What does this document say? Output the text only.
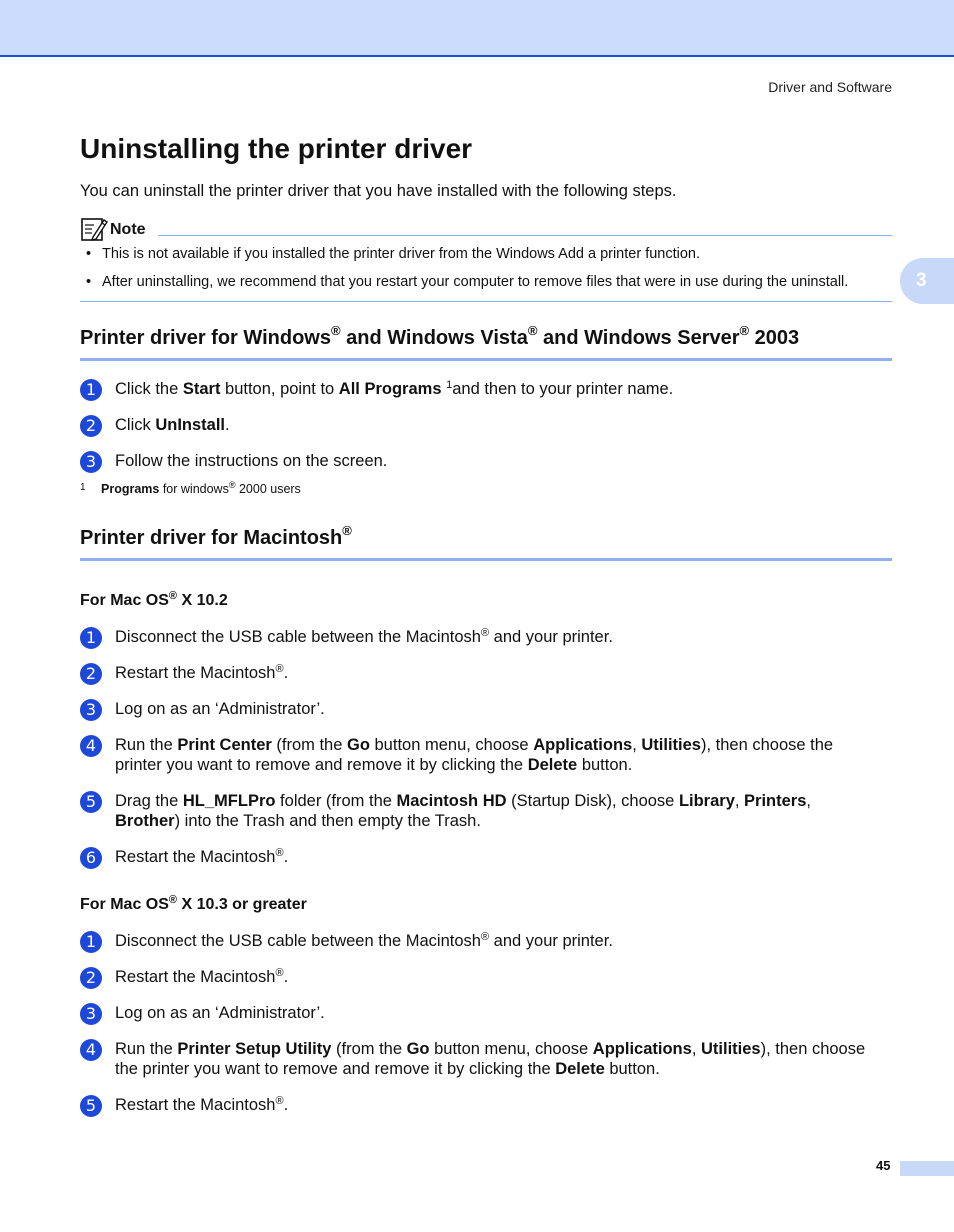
Driver and Software
3
Uninstalling the printer driver

You can uninstall the printer driver that you have installed with the following steps.

Note
• This is not available if you installed the printer driver from the Windows Add a printer function.
• After uninstalling, we recommend that you restart your computer to remove files that were in use during the uninstall.
Printer driver for Windows® and Windows Vista® and Windows Server® 2003
1	Click the Start button, point to All Programs $^1$and then to your printer name.
2	Click UnInstall.
3	Follow the instructions on the screen.
1 Programs for windows® 2000 users
Printer driver for Macintosh®
For Mac OS® X 10.2
1	Disconnect the USB cable between the Macintosh® and your printer.
2	Restart the Macintosh®.
3	Log on as an ‘Administrator’.
4	Run the Print Center (from the Go button menu, choose Applications, Utilities), then choose the
printer you want to remove and remove it by clicking the Delete button.
5	Drag the HL_MFLPro folder (from the Macintosh HD (Startup Disk), choose Library, Printers,
Brother) into the Trash and then empty the Trash.
6	Restart the Macintosh®.
For Mac OS® X 10.3 or greater
1	Disconnect the USB cable between the Macintosh® and your printer.
2	Restart the Macintosh®.
3	Log on as an ‘Administrator’.
4	Run the Printer Setup Utility (from the Go button menu, choose Applications, Utilities), then choose
the printer you want to remove and remove it by clicking the Delete button.
5	Restart the Macintosh®.
45
